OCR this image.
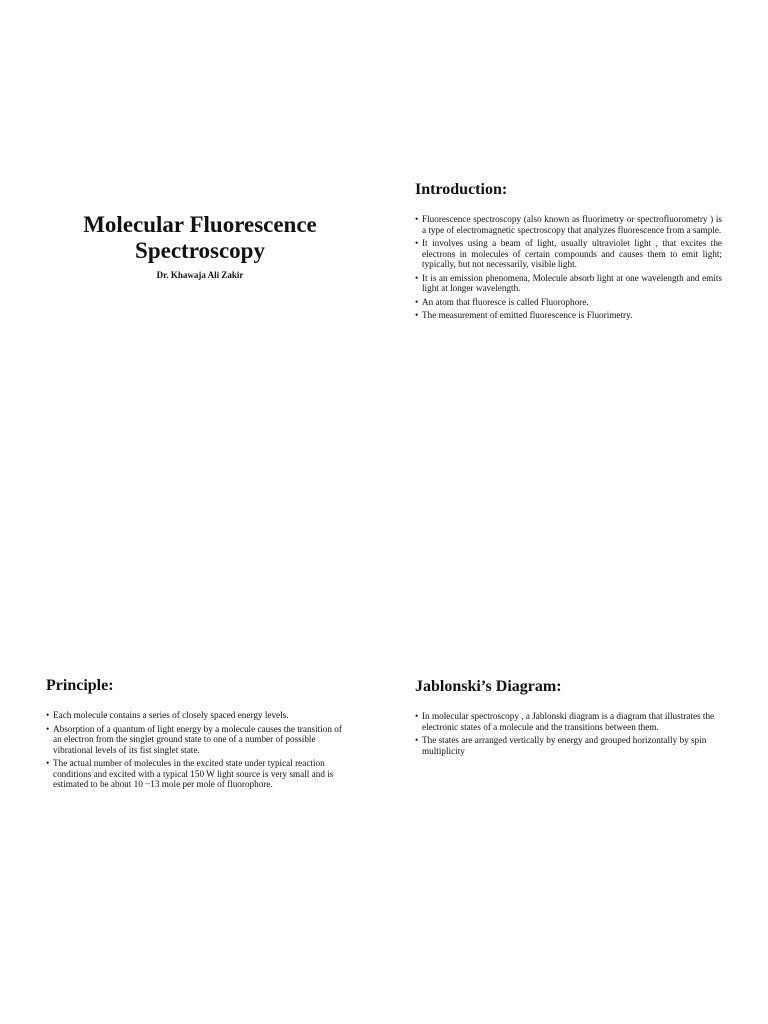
Molecular Fluorescence Spectroscopy

Dr. Khawaja Ali Zakir

Introduction:
• Fluorescence spectroscopy (also known as fluorimetry or spectrofluorometry ) is a type of electromagnetic spectroscopy that analyzes fluorescence from a sample.
• It involves using a beam of light, usually ultraviolet light , that excites the electrons in molecules of certain compounds and causes them to emit light; typically, but not necessarily, visible light.
• It is an emission phenomena, Molecule absorb light at one wavelength and emits light at longer wavelength.
• An atom that fluoresce is called Fluorophore.
• The measurement of emitted fluorescence is Fluorimetry.
Principle:
• Each molecule contains a series of closely spaced energy levels.
• Absorption of a quantum of light energy by a molecule causes the transition of an electron from the singlet ground state to one of a number of possible vibrational levels of its fist singlet state.
• The actual number of molecules in the excited state under typical reaction conditions and excited with a typical 150 W light source is very small and is estimated to be about 10 −13 mole per mole of fluorophore.
Jablonski’s Diagram:
• In molecular spectroscopy , a Jablonski diagram is a diagram that illustrates the electronic states of a molecule and the transitions between them.
• The states are arranged vertically by energy and grouped horizontally by spin multiplicity
